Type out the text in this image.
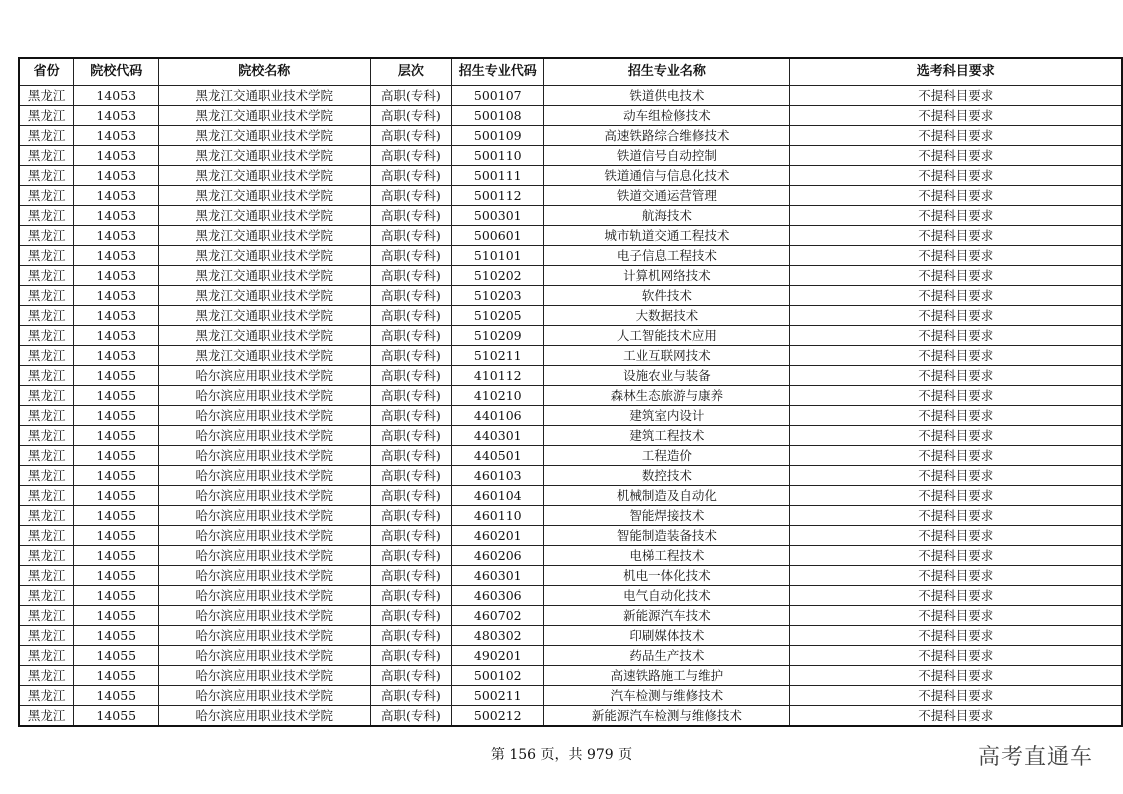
省份	院校代码	院校名称	层次	招生专业代码	招生专业名称	选考科目要求
黑龙江	14053	黑龙江交通职业技术学院	高职(专科)	500107	铁道供电技术	不提科目要求
黑龙江	14053	黑龙江交通职业技术学院	高职(专科)	500108	动车组检修技术	不提科目要求
黑龙江	14053	黑龙江交通职业技术学院	高职(专科)	500109	高速铁路综合维修技术	不提科目要求
黑龙江	14053	黑龙江交通职业技术学院	高职(专科)	500110	铁道信号自动控制	不提科目要求
黑龙江	14053	黑龙江交通职业技术学院	高职(专科)	500111	铁道通信与信息化技术	不提科目要求
黑龙江	14053	黑龙江交通职业技术学院	高职(专科)	500112	铁道交通运营管理	不提科目要求
黑龙江	14053	黑龙江交通职业技术学院	高职(专科)	500301	航海技术	不提科目要求
黑龙江	14053	黑龙江交通职业技术学院	高职(专科)	500601	城市轨道交通工程技术	不提科目要求
黑龙江	14053	黑龙江交通职业技术学院	高职(专科)	510101	电子信息工程技术	不提科目要求
黑龙江	14053	黑龙江交通职业技术学院	高职(专科)	510202	计算机网络技术	不提科目要求
黑龙江	14053	黑龙江交通职业技术学院	高职(专科)	510203	软件技术	不提科目要求
黑龙江	14053	黑龙江交通职业技术学院	高职(专科)	510205	大数据技术	不提科目要求
黑龙江	14053	黑龙江交通职业技术学院	高职(专科)	510209	人工智能技术应用	不提科目要求
黑龙江	14053	黑龙江交通职业技术学院	高职(专科)	510211	工业互联网技术	不提科目要求
黑龙江	14055	哈尔滨应用职业技术学院	高职(专科)	410112	设施农业与装备	不提科目要求
黑龙江	14055	哈尔滨应用职业技术学院	高职(专科)	410210	森林生态旅游与康养	不提科目要求
黑龙江	14055	哈尔滨应用职业技术学院	高职(专科)	440106	建筑室内设计	不提科目要求
黑龙江	14055	哈尔滨应用职业技术学院	高职(专科)	440301	建筑工程技术	不提科目要求
黑龙江	14055	哈尔滨应用职业技术学院	高职(专科)	440501	工程造价	不提科目要求
黑龙江	14055	哈尔滨应用职业技术学院	高职(专科)	460103	数控技术	不提科目要求
黑龙江	14055	哈尔滨应用职业技术学院	高职(专科)	460104	机械制造及自动化	不提科目要求
黑龙江	14055	哈尔滨应用职业技术学院	高职(专科)	460110	智能焊接技术	不提科目要求
黑龙江	14055	哈尔滨应用职业技术学院	高职(专科)	460201	智能制造装备技术	不提科目要求
黑龙江	14055	哈尔滨应用职业技术学院	高职(专科)	460206	电梯工程技术	不提科目要求
黑龙江	14055	哈尔滨应用职业技术学院	高职(专科)	460301	机电一体化技术	不提科目要求
黑龙江	14055	哈尔滨应用职业技术学院	高职(专科)	460306	电气自动化技术	不提科目要求
黑龙江	14055	哈尔滨应用职业技术学院	高职(专科)	460702	新能源汽车技术	不提科目要求
黑龙江	14055	哈尔滨应用职业技术学院	高职(专科)	480302	印刷媒体技术	不提科目要求
黑龙江	14055	哈尔滨应用职业技术学院	高职(专科)	490201	药品生产技术	不提科目要求
黑龙江	14055	哈尔滨应用职业技术学院	高职(专科)	500102	高速铁路施工与维护	不提科目要求
黑龙江	14055	哈尔滨应用职业技术学院	高职(专科)	500211	汽车检测与维修技术	不提科目要求
黑龙江	14055	哈尔滨应用职业技术学院	高职(专科)	500212	新能源汽车检测与维修技术	不提科目要求
第 156 页，共 979 页	高考直通车
